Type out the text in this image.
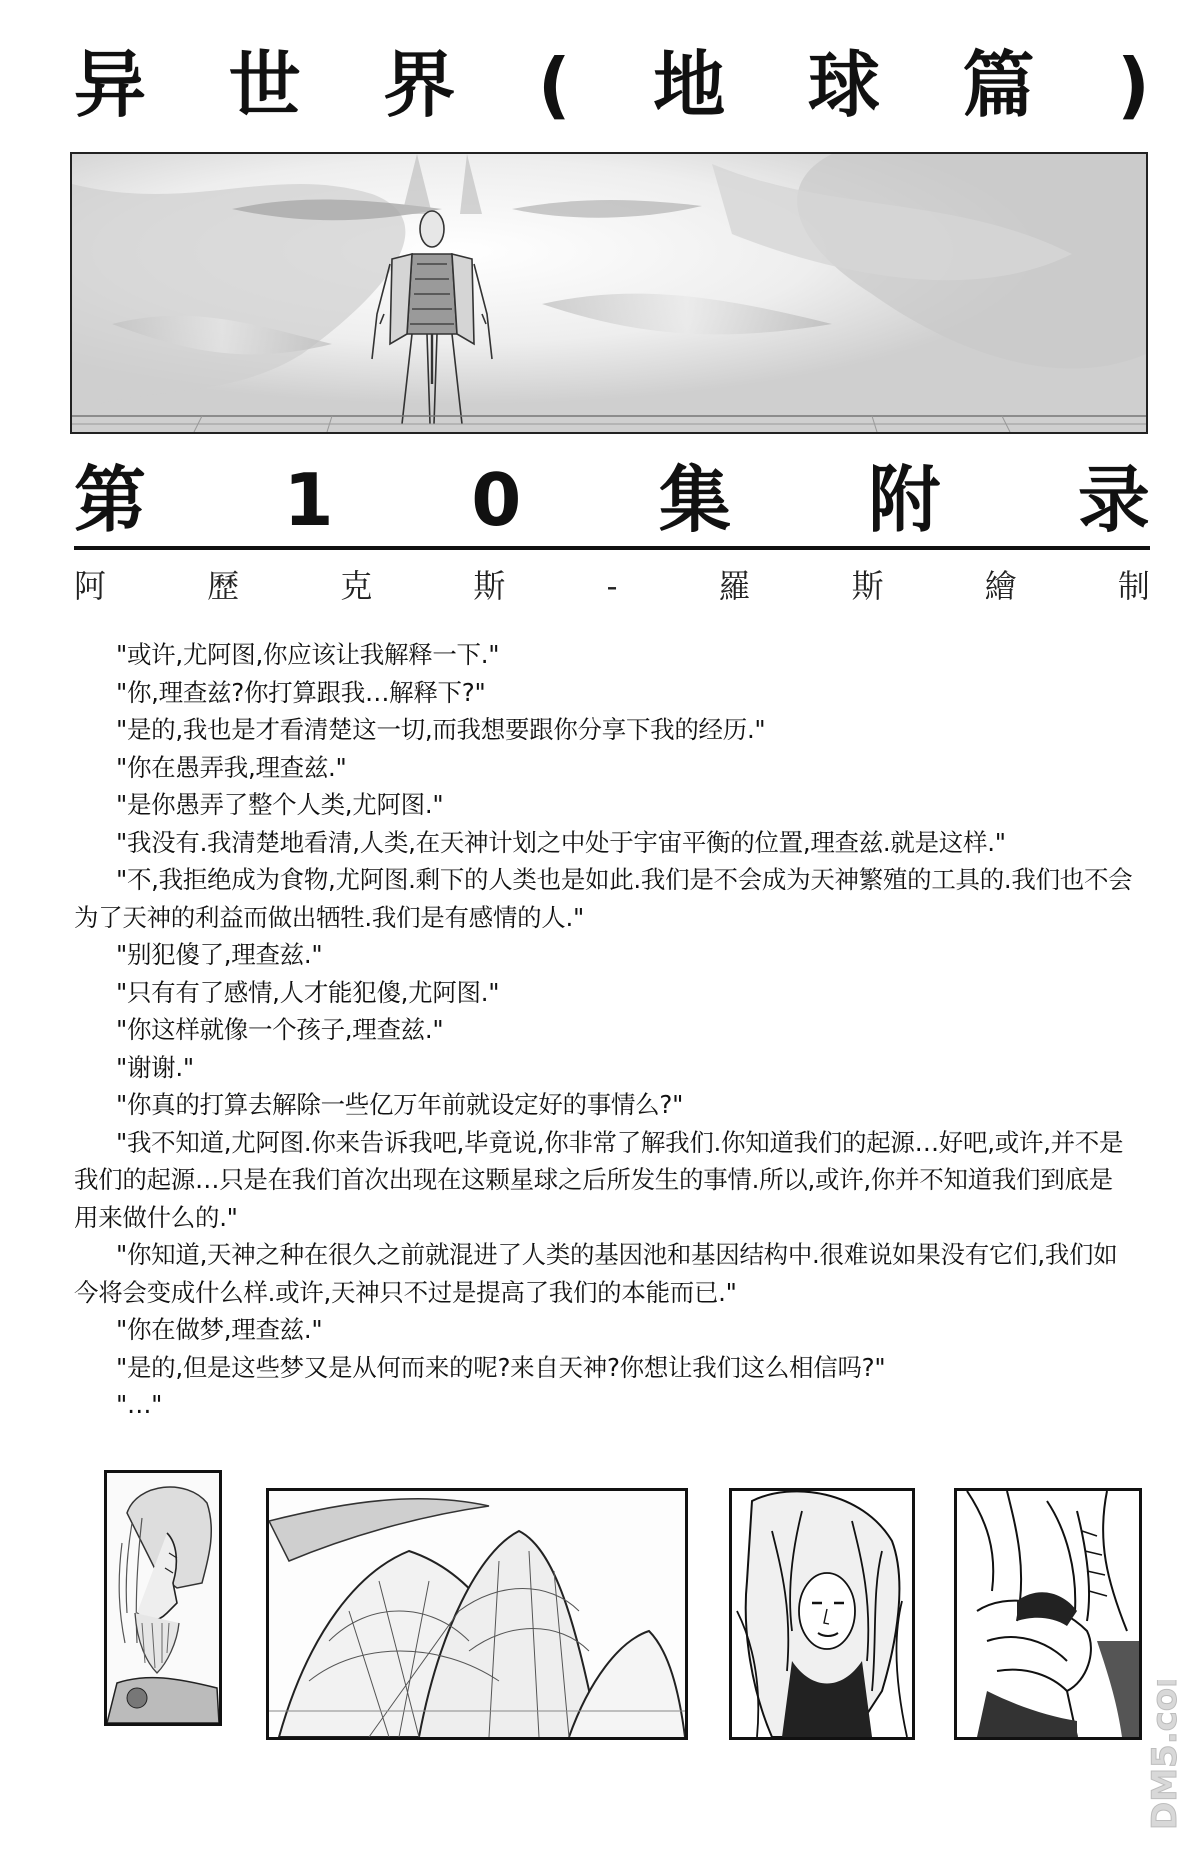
异 世 界 ( 地 球 篇 )
第 1 0 集 附 录
阿	歷	克	斯	-	羅	斯	繪	制

"或许,尤阿图,你应该让我解释一下."

"你,理查兹?你打算跟我…解释下?"

"是的,我也是才看清楚这一切,而我想要跟你分享下我的经历."

"你在愚弄我,理查兹."

"是你愚弄了整个人类,尤阿图."

"我没有.我清楚地看清,人类,在天神计划之中处于宇宙平衡的位置,理查兹.就是这样."

"不,我拒绝成为食物,尤阿图.剩下的人类也是如此.我们是不会成为天神繁殖的工具的.我们也不会为了天神的利益而做出牺牲.我们是有感情的人."

"别犯傻了,理查兹."

"只有有了感情,人才能犯傻,尤阿图."

"你这样就像一个孩子,理查兹."

"谢谢."

"你真的打算去解除一些亿万年前就设定好的事情么?"

"我不知道,尤阿图.你来告诉我吧,毕竟说,你非常了解我们.你知道我们的起源…好吧,或许,并不是我们的起源…只是在我们首次出现在这颗星球之后所发生的事情.所以,或许,你并不知道我们到底是用来做什么的."

"你知道,天神之种在很久之前就混进了人类的基因池和基因结构中.很难说如果没有它们,我们如今将会变成什么样.或许,天神只不过是提高了我们的本能而已."

"你在做梦,理查兹."

"是的,但是这些梦又是从何而来的呢?来自天神?你想让我们这么相信吗?"

"…"

DM5.com
